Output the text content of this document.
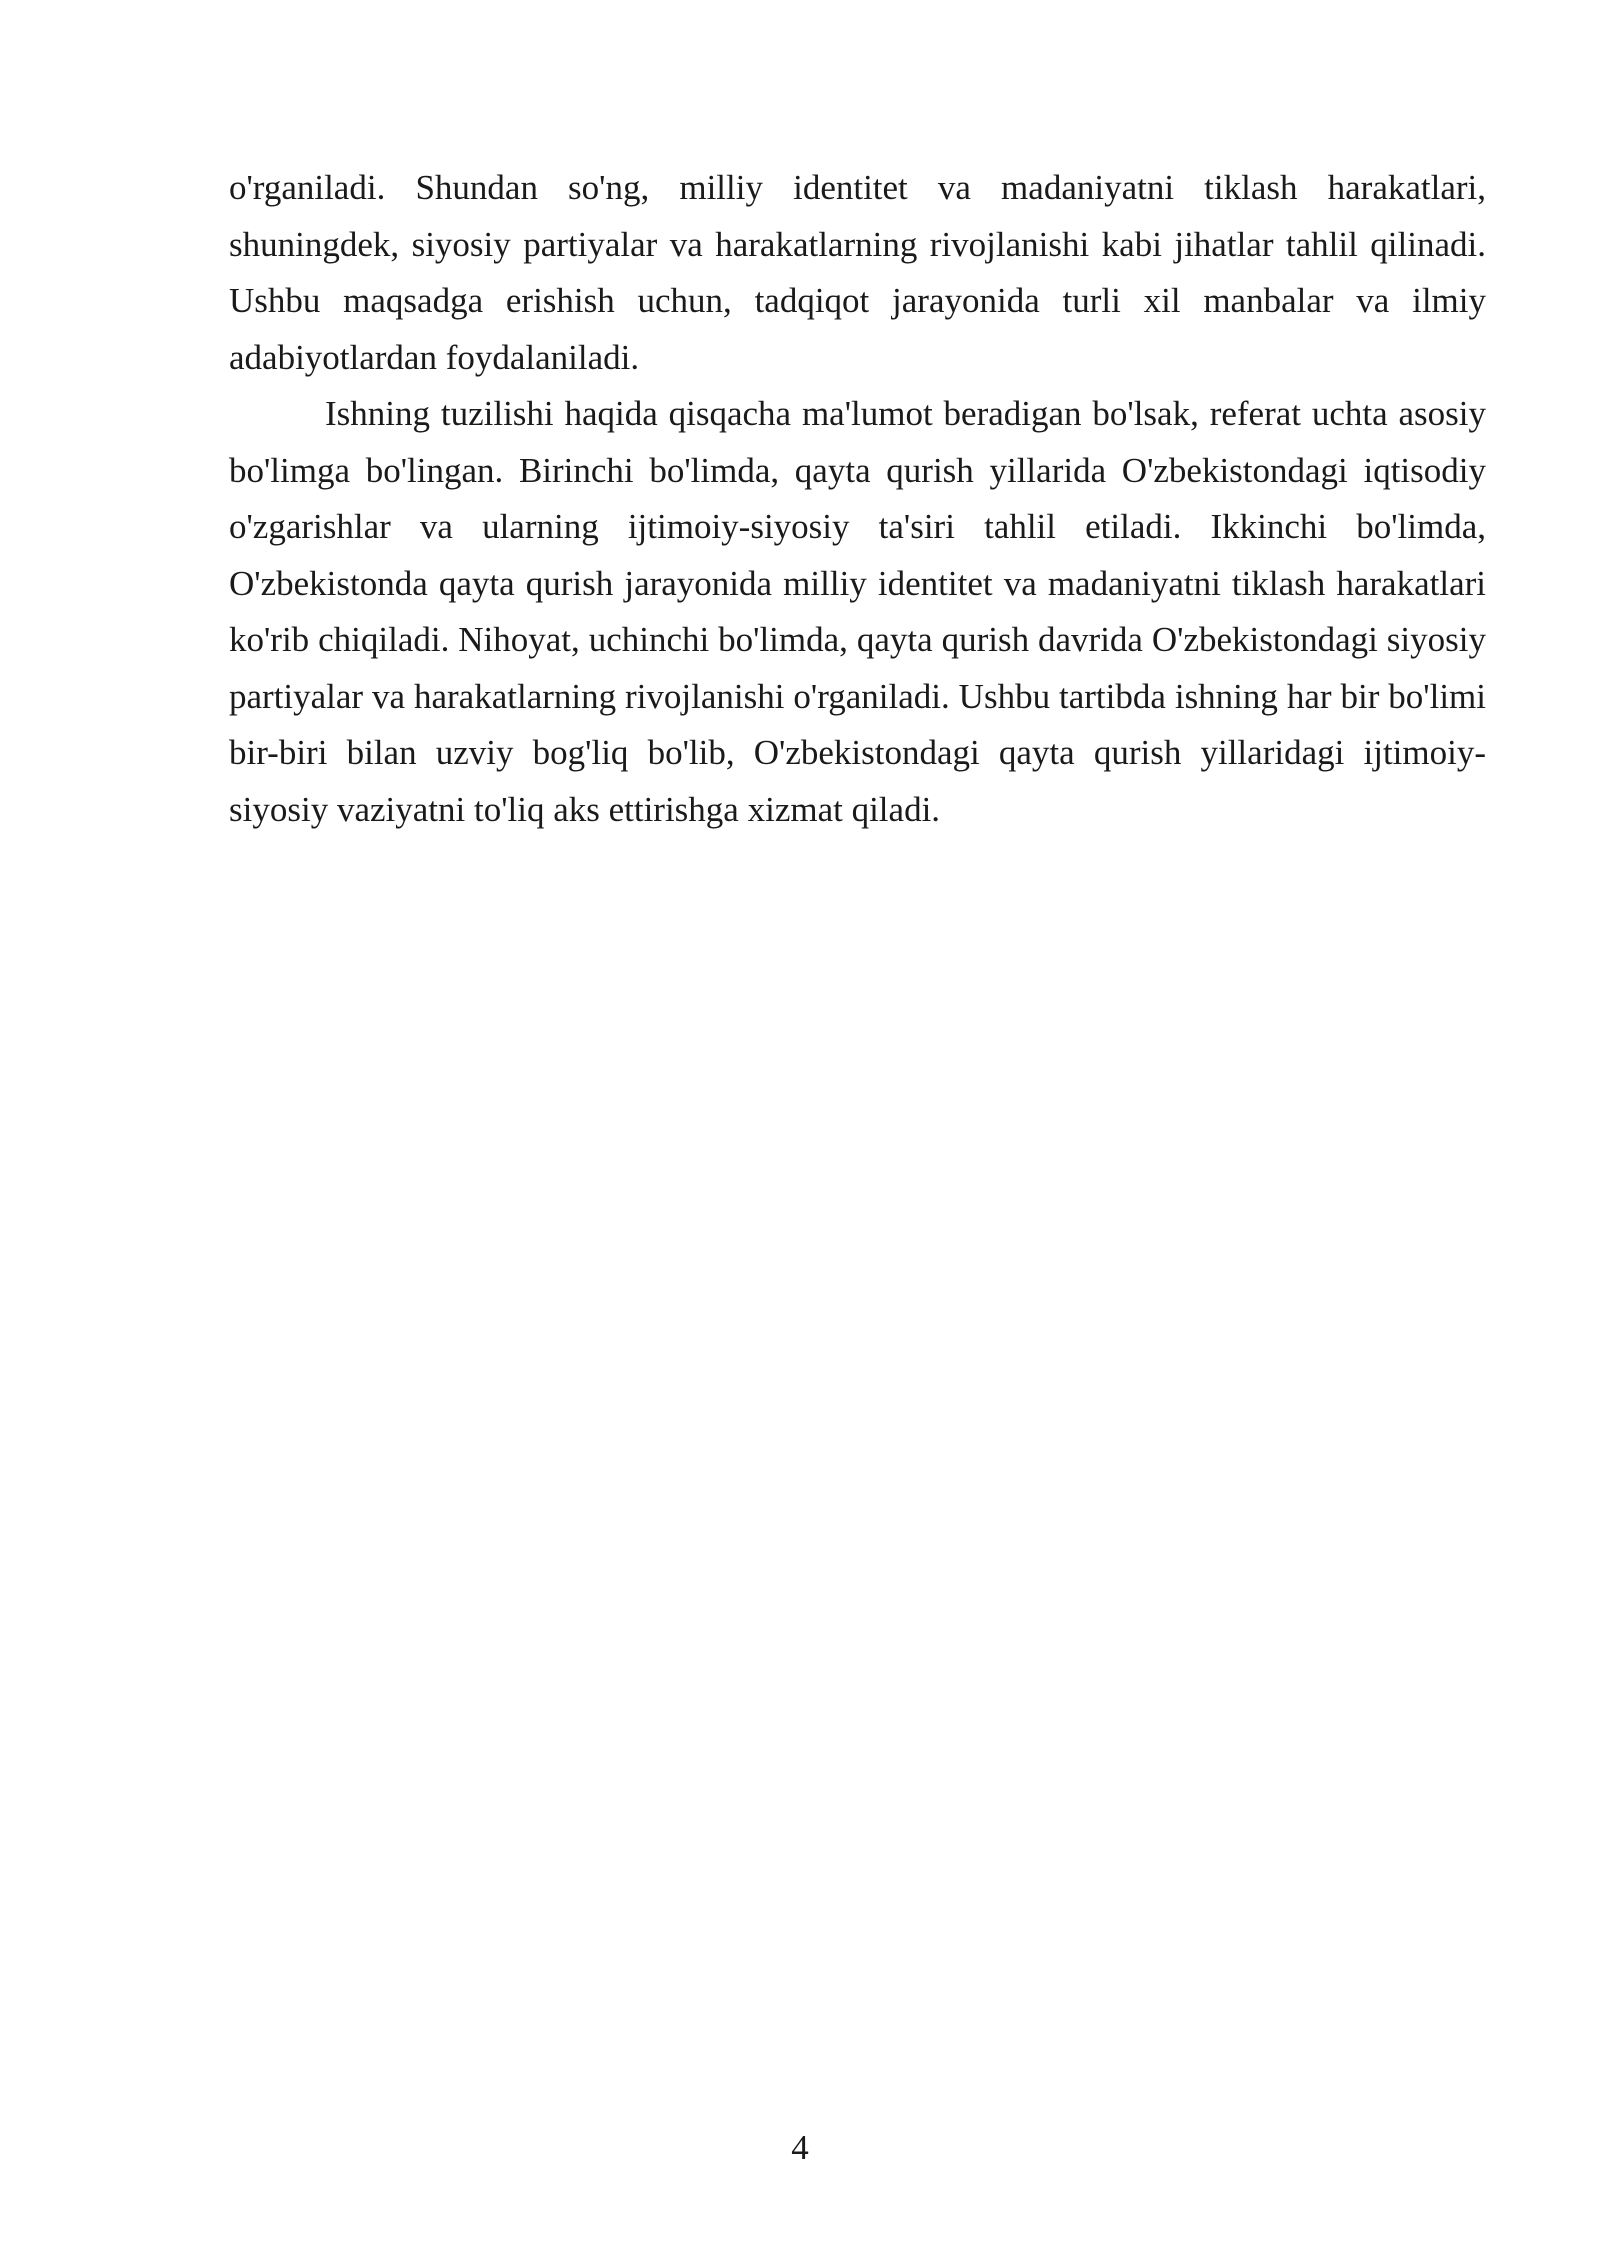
o'rganiladi. Shundan so'ng, milliy identitet va madaniyatni tiklash harakatlari, shuningdek, siyosiy partiyalar va harakatlarning rivojlanishi kabi jihatlar tahlil qilinadi. Ushbu maqsadga erishish uchun, tadqiqot jarayonida turli xil manbalar va ilmiy adabiyotlardan foydalaniladi.

Ishning tuzilishi haqida qisqacha ma'lumot beradigan bo'lsak, referat uchta asosiy bo'limga bo'lingan. Birinchi bo'limda, qayta qurish yillarida O'zbekistondagi iqtisodiy o'zgarishlar va ularning ijtimoiy-siyosiy ta'siri tahlil etiladi. Ikkinchi bo'limda, O'zbekistonda qayta qurish jarayonida milliy identitet va madaniyatni tiklash harakatlari ko'rib chiqiladi. Nihoyat, uchinchi bo'limda, qayta qurish davrida O'zbekistondagi siyosiy partiyalar va harakatlarning rivojlanishi o'rganiladi. Ushbu tartibda ishning har bir bo'limi bir-biri bilan uzviy bog'liq bo'lib, O'zbekistondagi qayta qurish yillaridagi ijtimoiy-siyosiy vaziyatni to'liq aks ettirishga xizmat qiladi.

4
